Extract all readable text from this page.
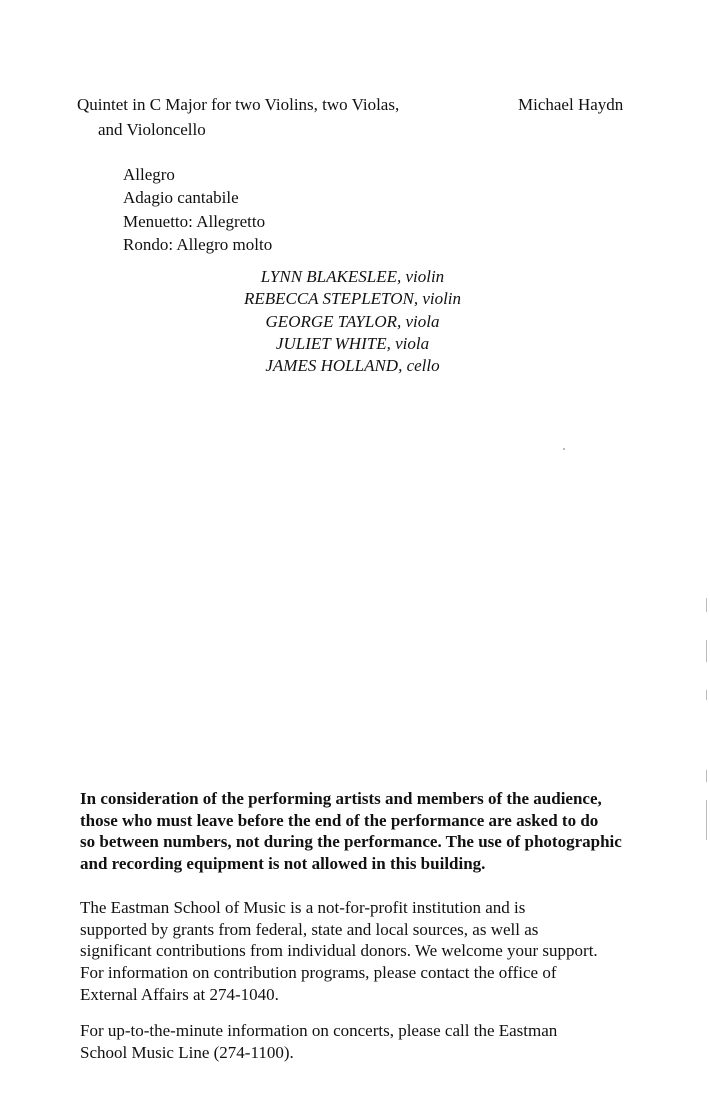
Quintet in C Major for two Violins, two Violas,
and Violoncello
Michael Haydn
Allegro
Adagio cantabile
Menuetto: Allegretto
Rondo: Allegro molto
LYNN BLAKESLEE, violin
REBECCA STEPLETON, violin
GEORGE TAYLOR, viola
JULIET WHITE, viola
JAMES HOLLAND, cello
In consideration of the performing artists and members of the audience,
those who must leave before the end of the performance are asked to do
so between numbers, not during the performance. The use of photographic
and recording equipment is not allowed in this building.
The Eastman School of Music is a not-for-profit institution and is
supported by grants from federal, state and local sources, as well as
significant contributions from individual donors. We welcome your support.
For information on contribution programs, please contact the office of
External Affairs at 274-1040.
For up-to-the-minute information on concerts, please call the Eastman
School Music Line (274-1100).
